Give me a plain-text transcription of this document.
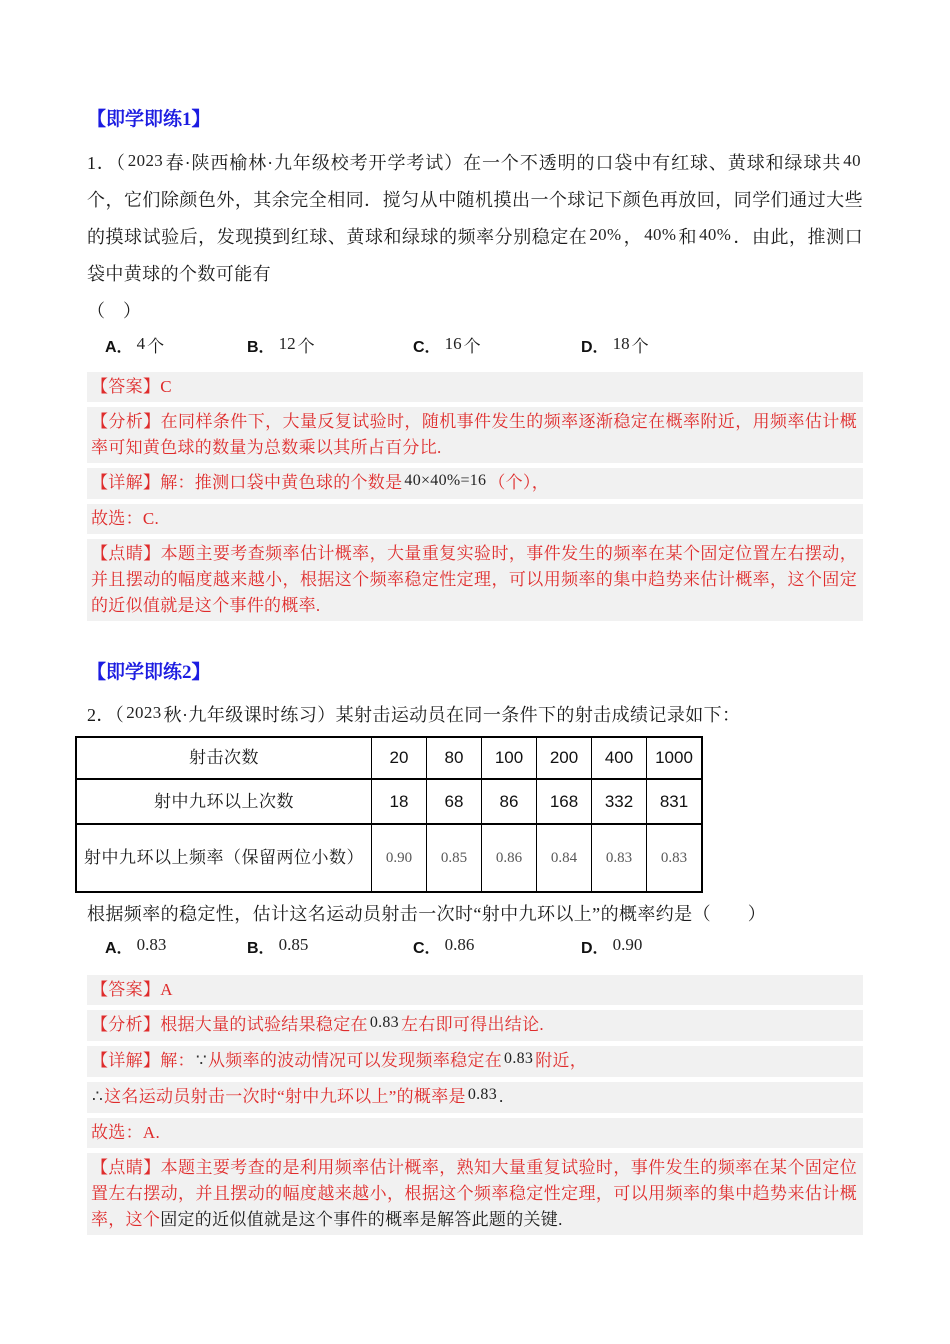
【即学即练1】

1．（ 2023 春·陕西榆林·九年级校考开学考试）在一个不透明的口袋中有红球、黄球和绿球共 40个，它们除颜色外，其余完全相同．搅匀从中随机摸出一个球记下颜色再放回，同学们通过大些的摸球试验后，发现摸到红球、黄球和绿球的频率分别稳定在 20% ， 40% 和 40% ．由此，推测口袋中黄球的个数可能有

（　）

A． 4 个	B． 12 个	C． 16 个	D． 18 个

【答案】C

【分析】在同样条件下，大量反复试验时，随机事件发生的频率逐渐稳定在概率附近，用频率估计概率可知黄色球的数量为总数乘以其所占百分比.

【详解】解：推测口袋中黄色球的个数是 40×40%=16 （个），

故选：C.

【点睛】本题主要考查频率估计概率，大量重复实验时，事件发生的频率在某个固定位置左右摆动，并且摆动的幅度越来越小，根据这个频率稳定性定理，可以用频率的集中趋势来估计概率，这个固定的近似值就是这个事件的概率.

【即学即练2】

2．（ 2023 秋·九年级课时练习）某射击运动员在同一条件下的射击成绩记录如下：

射击次数	20	80	100	200	400	1000
射中九环以上次数	18	68	86	168	332	831
射中九环以上频率（保留两位小数）	0.90	0.85	0.86	0.84	0.83	0.83

根据频率的稳定性，估计这名运动员射击一次时“射中九环以上”的概率约是（　　）

A． 0.83	B． 0.85	C． 0.86	D． 0.90

【答案】A

【分析】根据大量的试验结果稳定在 0.83 左右即可得出结论.

【详解】解：∵从频率的波动情况可以发现频率稳定在 0.83 附近，

∴这名运动员射击一次时“射中九环以上”的概率是 0.83 .

故选：A.

【点睛】本题主要考查的是利用频率估计概率，熟知大量重复试验时，事件发生的频率在某个固定位置左右摆动，并且摆动的幅度越来越小，根据这个频率稳定性定理，可以用频率的集中趋势来估计概率，这个固定的近似值就是这个事件的概率是解答此题的关键.
